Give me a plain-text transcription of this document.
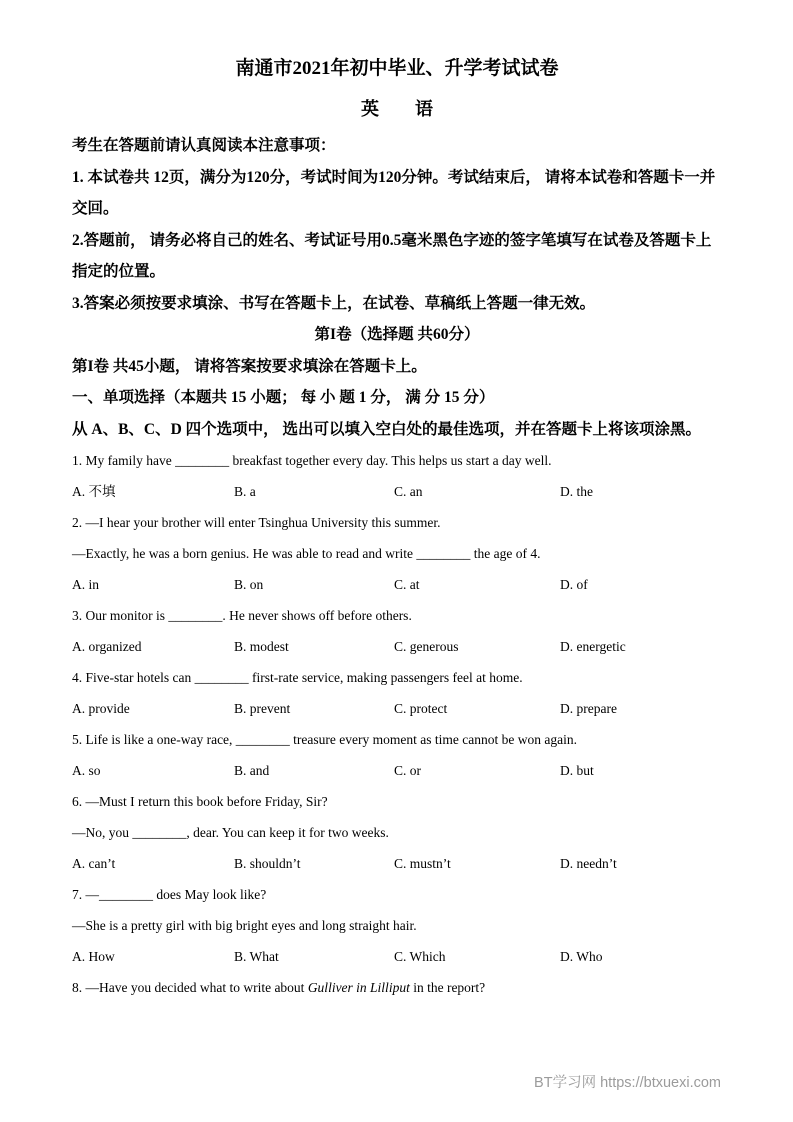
南通市2021年初中毕业、升学考试试卷
英　　语

考生在答题前请认真阅读本注意事项：

1. 本试卷共 12页，满分为120分，考试时间为120分钟。考试结束后， 请将本试卷和答题卡一并交回。

2.答题前， 请务必将自己的姓名、考试证号用0.5毫米黑色字迹的签字笔填写在试卷及答题卡上指定的位置。

3.答案必须按要求填涂、书写在答题卡上，在试卷、草稿纸上答题一律无效。

第I卷（选择题 共60分）

第I卷 共45小题， 请将答案按要求填涂在答题卡上。

一、单项选择（本题共 15 小题； 每 小 题 1 分， 满 分 15 分）

从 A、B、C、D 四个选项中， 选出可以填入空白处的最佳选项，并在答题卡上将该项涂黑。

1. My family have ________ breakfast together every day. This helps us start a day well.

A. 不填	B. a	C. an	D. the

2. —I hear your brother will enter Tsinghua University this summer.

—Exactly, he was a born genius. He was able to read and write ________ the age of 4.

A. in	B. on	C. at	D. of

3. Our monitor is ________. He never shows off before others.

A. organized	B. modest	C. generous	D. energetic

4. Five-star hotels can ________ first-rate service, making passengers feel at home.

A. provide	B. prevent	C. protect	D. prepare

5. Life is like a one-way race, ________ treasure every moment as time cannot be won again.

A. so	B. and	C. or	D. but

6. —Must I return this book before Friday, Sir?

—No, you ________, dear. You can keep it for two weeks.

A. can’t	B. shouldn’t	C. mustn’t	D. needn’t

7. —________ does May look like?

—She is a pretty girl with big bright eyes and long straight hair.

A. How	B. What	C. Which	D. Who

8. —Have you decided what to write about Gulliver in Lilliput in the report?

BT学习网 https://btxuexi.com
